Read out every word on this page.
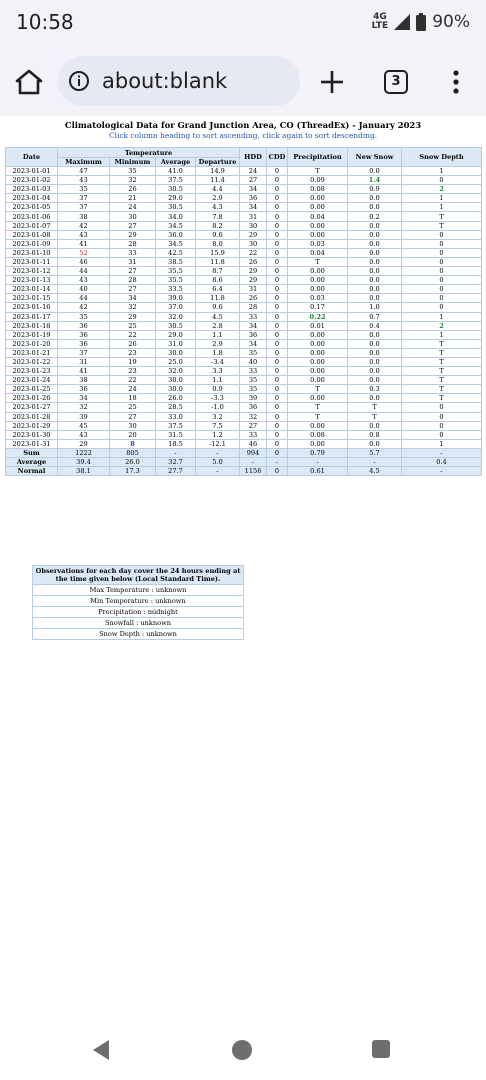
10:58	4G
LTE	90%
about:blank	3
Climatological Data for Grand Junction Area, CO (ThreadEx) - January 2023
Click column heading to sort ascending, click again to sort descending.
Date	Temperature				HDD	CDD	Precipitation	New Snow	Snow Depth
	Maximum	Minimum	Average	Departure					
2023-01-01	47	35	41.0	14.9	24	0	T	0.0	1
2023-01-02	43	32	37.5	11.4	27	0	0.09	1.4	0
2023-01-03	35	26	30.5	4.4	34	0	0.08	0.9	2
2023-01-04	37	21	29.0	2.9	36	0	0.00	0.0	1
2023-01-05	37	24	30.5	4.3	34	0	0.00	0.0	1
2023-01-06	38	30	34.0	7.8	31	0	0.04	0.2	T
2023-01-07	42	27	34.5	8.2	30	0	0.00	0.0	T
2023-01-08	43	29	36.0	9.6	29	0	0.00	0.0	0
2023-01-09	41	28	34.5	8.0	30	0	0.03	0.0	0
2023-01-10	52	33	42.5	15.9	22	0	0.04	0.0	0
2023-01-11	46	31	38.5	11.8	26	0	T	0.0	0
2023-01-12	44	27	35.5	8.7	29	0	0.00	0.0	0
2023-01-13	43	28	35.5	8.6	29	0	0.00	0.0	0
2023-01-14	40	27	33.5	6.4	31	0	0.00	0.0	0
2023-01-15	44	34	39.0	11.8	26	0	0.03	0.0	0
2023-01-16	42	32	37.0	9.6	28	0	0.17	1.0	0
2023-01-17	35	29	32.0	4.5	33	0	0.22	0.7	1
2023-01-18	36	25	30.5	2.8	34	0	0.01	0.4	2
2023-01-19	36	22	29.0	1.1	36	0	0.00	0.0	1
2023-01-20	36	26	31.0	2.9	34	0	0.00	0.0	T
2023-01-21	37	23	30.0	1.8	35	0	0.00	0.0	T
2023-01-22	31	19	25.0	-3.4	40	0	0.00	0.0	T
2023-01-23	41	23	32.0	3.3	33	0	0.00	0.0	T
2023-01-24	38	22	30.0	1.1	35	0	0.00	0.0	T
2023-01-25	36	24	30.0	0.9	35	0	T	0.3	T
2023-01-26	34	18	26.0	-3.3	39	0	0.00	0.0	T
2023-01-27	32	25	28.5	-1.0	36	0	T	T	0
2023-01-28	39	27	33.0	3.2	32	0	T	T	0
2023-01-29	45	30	37.5	7.5	27	0	0.00	0.0	0
2023-01-30	43	20	31.5	1.2	33	0	0.08	0.8	0
2023-01-31	29	8	18.5	-12.1	46	0	0.00	0.0	1
Sum	1222	805	-	-	994	0	0.79	5.7	-
Average	39.4	26.0	32.7	5.0	-	-	-	-	0.4
Normal	38.1	17.3	27.7	-	1156	0	0.61	4.5	-
Observations for each day cover the 24 hours ending at the time given below (Local Standard Time).
Max Temperature : unknown
Min Temperature : unknown
Precipitation : midnight
Snowfall : unknown
Snow Depth : unknown
